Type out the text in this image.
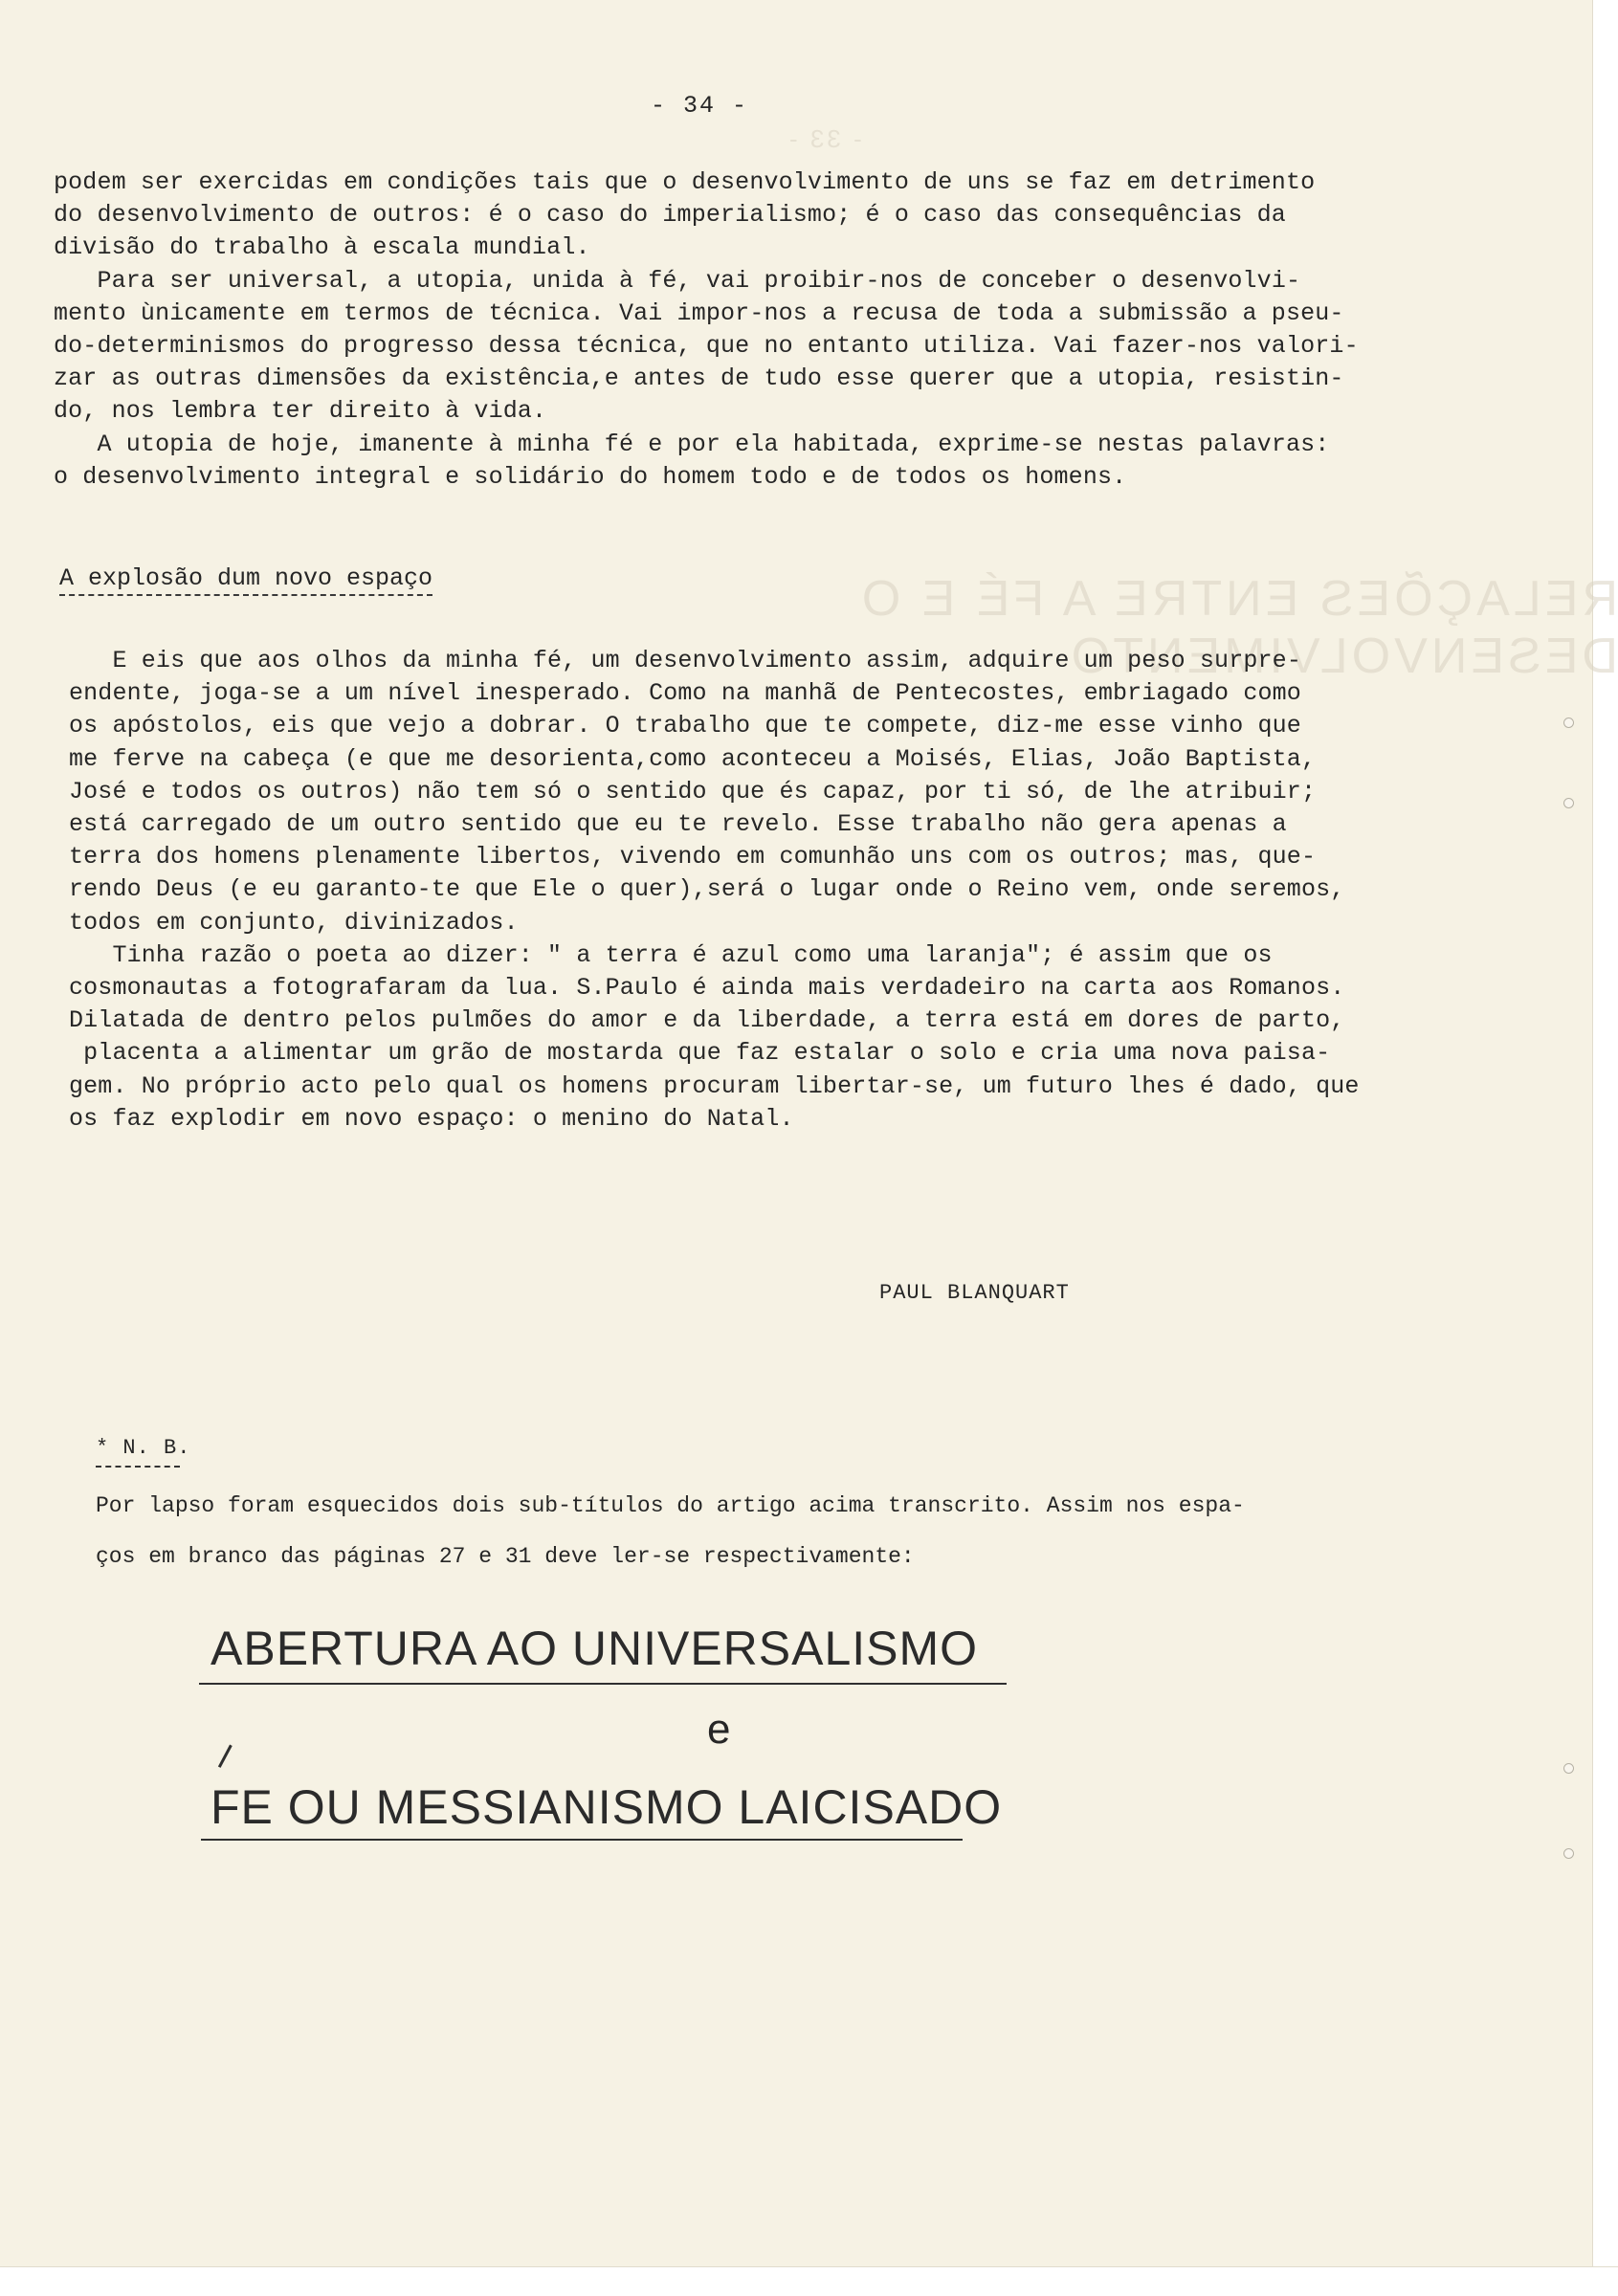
- 33 -
RELAÇÕES ENTRE A FÉ E O DESENVOLVIMENTO
- 34 -
podem ser exercidas em condições tais que o desenvolvimento de uns se faz em detrimento
do desenvolvimento de outros: é o caso do imperialismo; é o caso das consequências da
divisão do trabalho à escala mundial.
Para ser universal, a utopia, unida à fé, vai proibir-nos de conceber o desenvolvi-
mento ùnicamente em termos de técnica. Vai impor-nos a recusa de toda a submissão a pseu-
do-determinismos do progresso dessa técnica, que no entanto utiliza. Vai fazer-nos valori-
zar as outras dimensões da existência,e antes de tudo esse querer que a utopia, resistin-
do, nos lembra ter direito à vida.
A utopia de hoje, imanente à minha fé e por ela habitada, exprime-se nestas palavras:
o desenvolvimento integral e solidário do homem todo e de todos os homens.
A explosão dum novo espaço
E eis que aos olhos da minha fé, um desenvolvimento assim, adquire um peso surpre-
endente, joga-se a um nível inesperado. Como na manhã de Pentecostes, embriagado como
os apóstolos, eis que vejo a dobrar. O trabalho que te compete, diz-me esse vinho que
me ferve na cabeça (e que me desorienta,como aconteceu a Moisés, Elias, João Baptista,
José e todos os outros) não tem só o sentido que és capaz, por ti só, de lhe atribuir;
está carregado de um outro sentido que eu te revelo. Esse trabalho não gera apenas a
terra dos homens plenamente libertos, vivendo em comunhão uns com os outros; mas, que-
rendo Deus (e eu garanto-te que Ele o quer),será o lugar onde o Reino vem, onde seremos,
todos em conjunto, divinizados.
Tinha razão o poeta ao dizer: " a terra é azul como uma laranja"; é assim que os
cosmonautas a fotografaram da lua. S.Paulo é ainda mais verdadeiro na carta aos Romanos.
Dilatada de dentro pelos pulmões do amor e da liberdade, a terra está em dores de parto,
placenta a alimentar um grão de mostarda que faz estalar o solo e cria uma nova paisa-
gem. No próprio acto pelo qual os homens procuram libertar-se, um futuro lhes é dado, que
os faz explodir em novo espaço: o menino do Natal.
PAUL BLANQUART
* N. B.
Por lapso foram esquecidos dois sub-títulos do artigo acima transcrito. Assim nos espa-
ços em branco das páginas 27 e 31 deve ler-se respectivamente:
ABERTURA AO UNIVERSALISMO
e
FE OU MESSIANISMO LAICISADO
